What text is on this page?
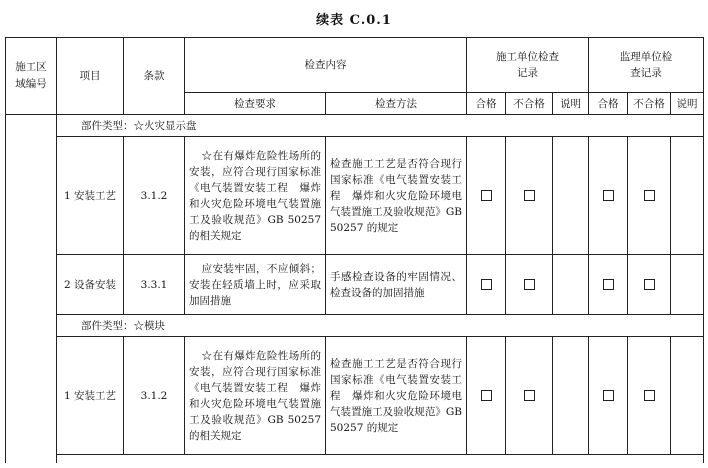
续表 C.0.1
施工区域编号	项目	条款	检查内容		施工单位检查记录			监理单位检查记录		
			检查要求	检查方法	合格	不合格	说明	合格	不合格	说明
	部件类型：☆火灾显示盘									
	1 安装工艺	3.1.2	☆在有爆炸危险性场所的安装，应符合现行国家标准《电气装置安装工程　爆炸和火灾危险环境电气装置施工及验收规范》GB 50257 的相关规定	检查施工工艺是否符合现行国家标准《电气装置安装工程　爆炸和火灾危险环境电气装置施工及验收规范》GB 50257 的规定						
	2 设备安装	3.3.1	应安装牢固，不应倾斜；安装在轻质墙上时，应采取加固措施	手感检查设备的牢固情况、检查设备的加固措施						
	部件类型：☆模块									
	1 安装工艺	3.1.2	☆在有爆炸危险性场所的安装，应符合现行国家标准《电气装置安装工程　爆炸和火灾危险环境电气装置施工及验收规范》GB 50257 的相关规定	检查施工工艺是否符合现行国家标准《电气装置安装工程　爆炸和火灾危险环境电气装置施工及验收规范》GB 50257 的规定						
